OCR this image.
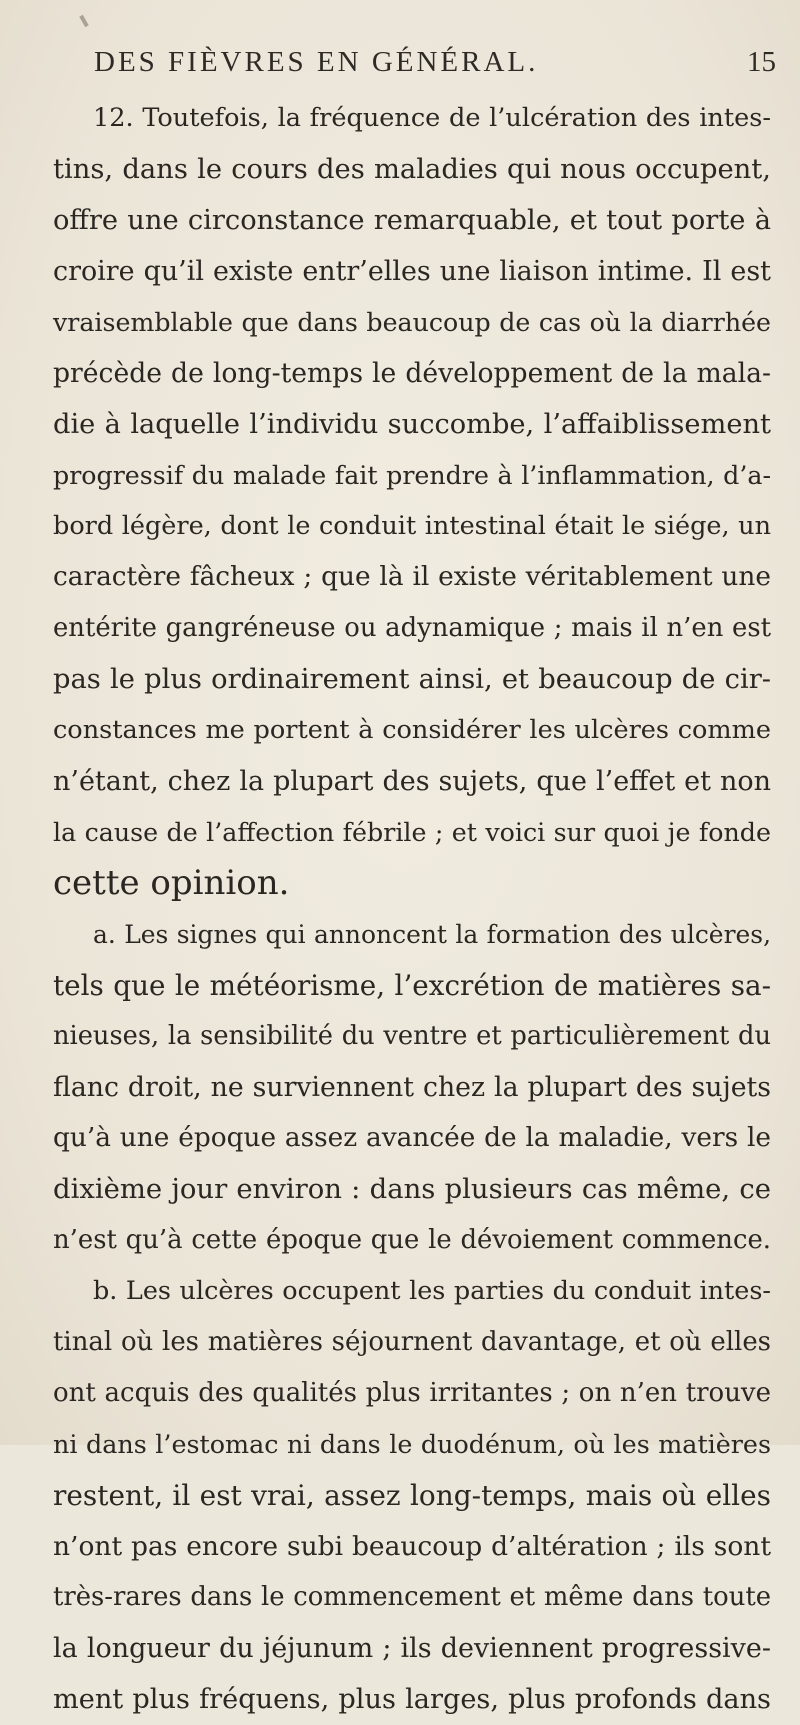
DES FIÈVRES EN GÉNÉRAL.	15
12. Toutefois, la fréquence de l’ulcération des intes-
tins, dans le cours des maladies qui nous occupent,
offre une circonstance remarquable, et tout porte à
croire qu’il existe entr’elles une liaison intime. Il est
vraisemblable que dans beaucoup de cas où la diarrhée
précède de long-temps le développement de la mala-
die à laquelle l’individu succombe, l’affaiblissement
progressif du malade fait prendre à l’inflammation, d’a-
bord légère, dont le conduit intestinal était le siége, un
caractère fâcheux ; que là il existe véritablement une
entérite gangréneuse ou adynamique ; mais il n’en est
pas le plus ordinairement ainsi, et beaucoup de cir-
constances me portent à considérer les ulcères comme
n’étant, chez la plupart des sujets, que l’effet et non
la cause de l’affection fébrile ; et voici sur quoi je fonde
cette opinion.
a. Les signes qui annoncent la formation des ulcères,
tels que le météorisme, l’excrétion de matières sa-
nieuses, la sensibilité du ventre et particulièrement du
flanc droit, ne surviennent chez la plupart des sujets
qu’à une époque assez avancée de la maladie, vers le
dixième jour environ : dans plusieurs cas même, ce
n’est qu’à cette époque que le dévoiement commence.
b. Les ulcères occupent les parties du conduit intes-
tinal où les matières séjournent davantage, et où elles
ont acquis des qualités plus irritantes ; on n’en trouve
ni dans l’estomac ni dans le duodénum, où les matières
restent, il est vrai, assez long-temps, mais où elles
n’ont pas encore subi beaucoup d’altération ; ils sont
très-rares dans le commencement et même dans toute
la longueur du jéjunum ; ils deviennent progressive-
ment plus fréquens, plus larges, plus profonds dans
